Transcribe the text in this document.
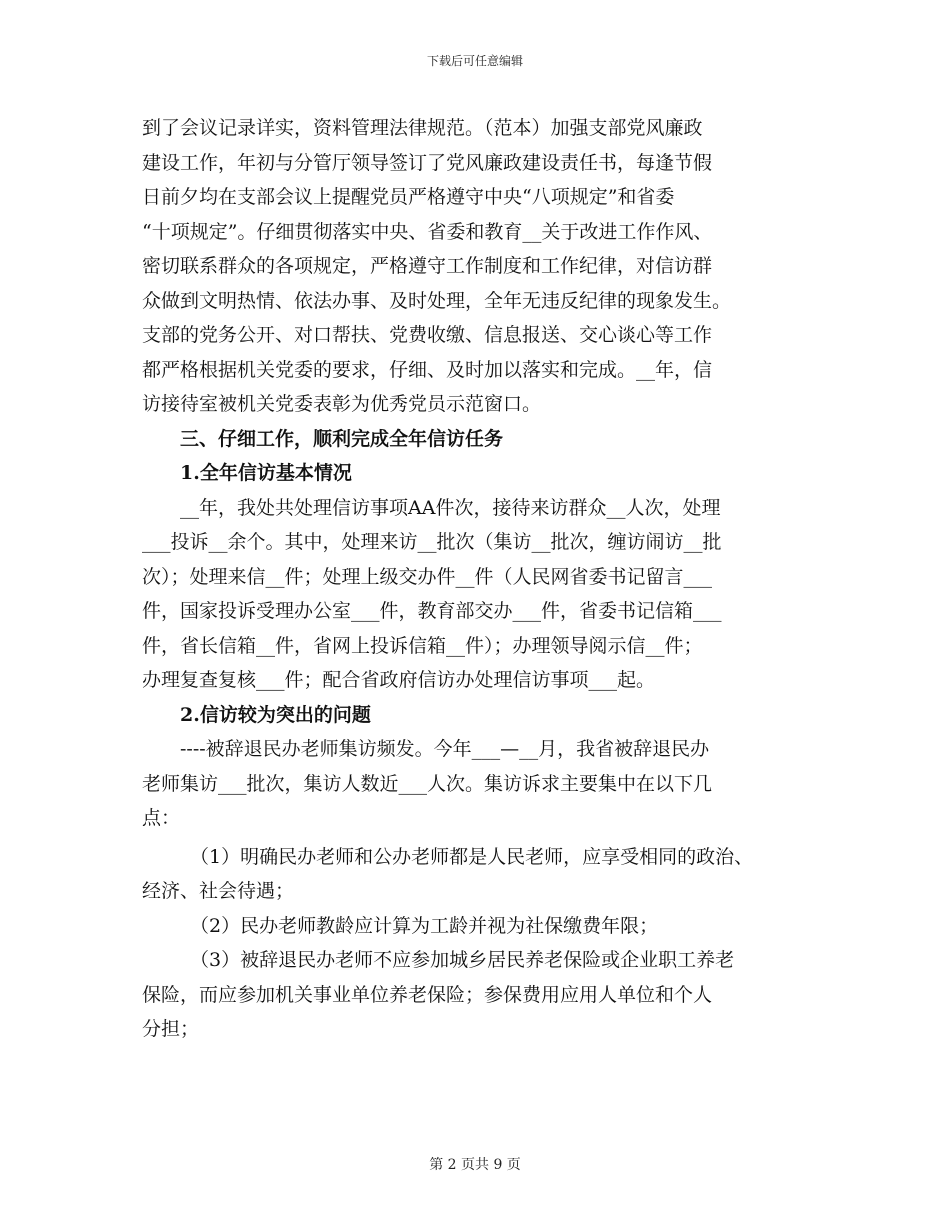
下载后可任意编辑
到了会议记录详实，资料管理法律规范。（范本）加强支部党风廉政
建设工作，年初与分管厅领导签订了党风廉政建设责任书，每逢节假
日前夕均在支部会议上提醒党员严格遵守中央“八项规定”和省委
“十项规定”。仔细贯彻落实中央、省委和教育__关于改进工作作风、
密切联系群众的各项规定，严格遵守工作制度和工作纪律，对信访群
众做到文明热情、依法办事、及时处理，全年无违反纪律的现象发生。
支部的党务公开、对口帮扶、党费收缴、信息报送、交心谈心等工作
都严格根据机关党委的要求，仔细、及时加以落实和完成。__年，信
访接待室被机关党委表彰为优秀党员示范窗口。
三、仔细工作，顺利完成全年信访任务
1.全年信访基本情况
__年，我处共处理信访事项AA件次，接待来访群众__人次，处理
___投诉__余个。其中，处理来访__批次（集访__批次，缠访闹访__批
次）；处理来信__件；处理上级交办件__件（人民网省委书记留言___
件，国家投诉受理办公室___件，教育部交办___件，省委书记信箱___
件，省长信箱__件，省网上投诉信箱__件）；办理领导阅示信__件；
办理复查复核___件；配合省政府信访办处理信访事项___起。
2.信访较为突出的问题
----被辞退民办老师集访频发。今年___—__月，我省被辞退民办
老师集访___批次，集访人数近___人次。集访诉求主要集中在以下几
点：
（1）明确民办老师和公办老师都是人民老师，应享受相同的政治、
经济、社会待遇；
（2）民办老师教龄应计算为工龄并视为社保缴费年限；
（3）被辞退民办老师不应参加城乡居民养老保险或企业职工养老
保险，而应参加机关事业单位养老保险；参保费用应用人单位和个人
分担；
第 2 页共 9 页
